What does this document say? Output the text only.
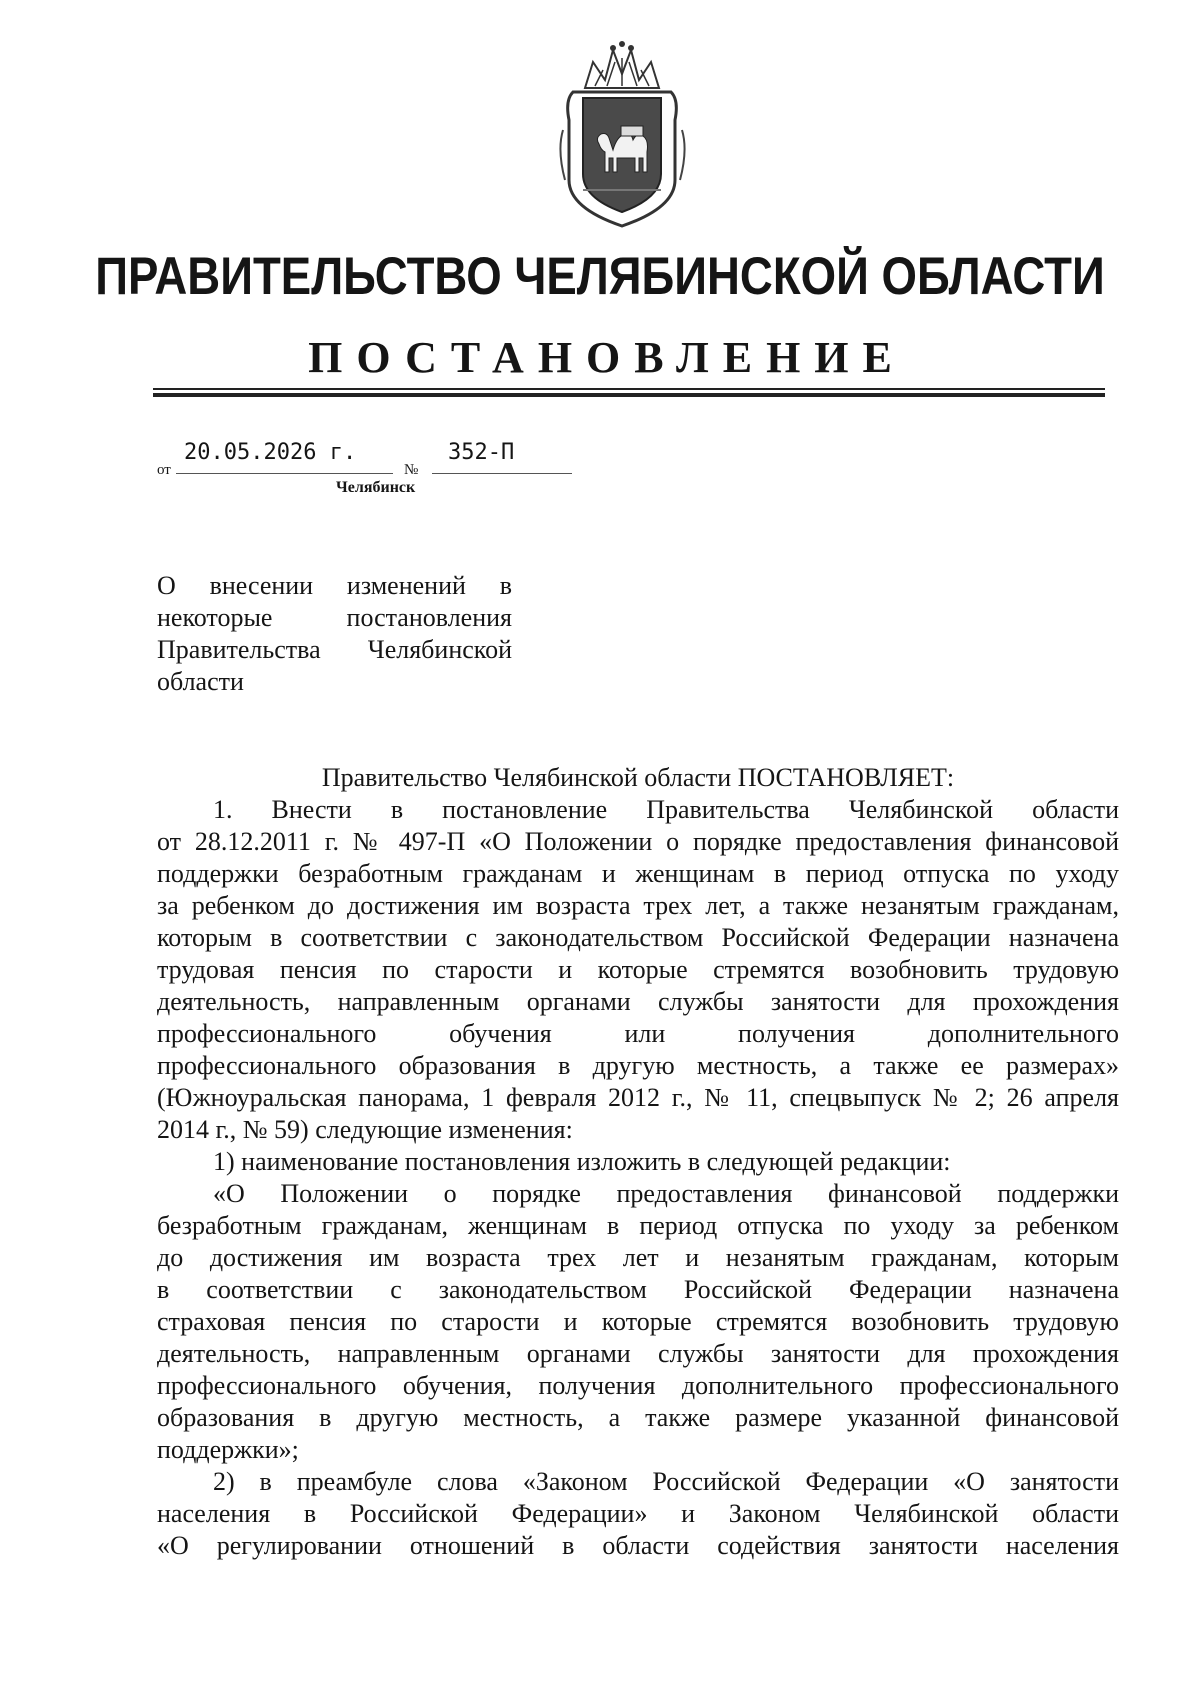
ПРАВИТЕЛЬСТВО ЧЕЛЯБИНСКОЙ ОБЛАСТИ
ПОСТАНОВЛЕНИЕ
от
20.05.2026 г.
№
352-П
Челябинск
О внесении изменений в
некоторые постановления
Правительства Челябинской
области
Правительство Челябинской области ПОСТАНОВЛЯЕТ:
1. Внести в постановление Правительства Челябинской области
от 28.12.2011 г. № 497-П «О Положении о порядке предоставления финансовой
поддержки безработным гражданам и женщинам в период отпуска по уходу
за ребенком до достижения им возраста трех лет, а также незанятым гражданам,
которым в соответствии с законодательством Российской Федерации назначена
трудовая пенсия по старости и которые стремятся возобновить трудовую
деятельность, направленным органами службы занятости для прохождения
профессионального обучения или получения дополнительного
профессионального образования в другую местность, а также ее размерах»
(Южноуральская панорама, 1 февраля 2012 г., № 11, спецвыпуск № 2; 26 апреля
2014 г., № 59) следующие изменения:
1) наименование постановления изложить в следующей редакции:
«О Положении о порядке предоставления финансовой поддержки
безработным гражданам, женщинам в период отпуска по уходу за ребенком
до достижения им возраста трех лет и незанятым гражданам, которым
в соответствии с законодательством Российской Федерации назначена
страховая пенсия по старости и которые стремятся возобновить трудовую
деятельность, направленным органами службы занятости для прохождения
профессионального обучения, получения дополнительного профессионального
образования в другую местность, а также размере указанной финансовой
поддержки»;
2) в преамбуле слова «Законом Российской Федерации «О занятости
населения в Российской Федерации» и Законом Челябинской области
«О регулировании отношений в области содействия занятости населения
